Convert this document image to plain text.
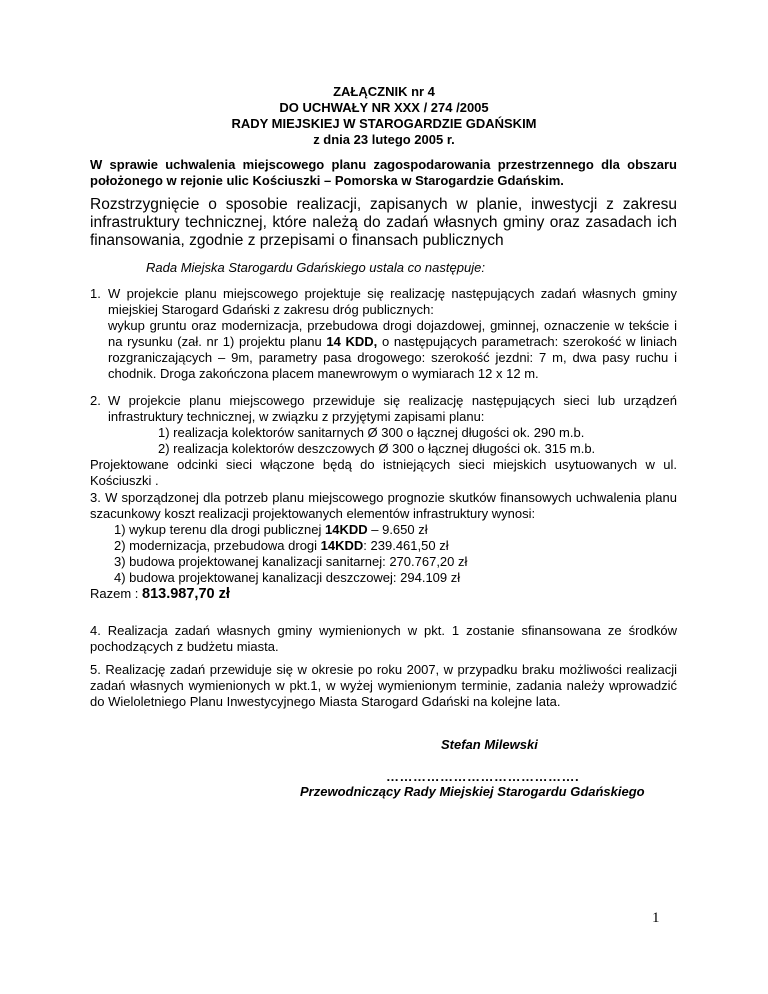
ZAŁĄCZNIK nr 4
DO UCHWAŁY NR XXX / 274 /2005
RADY MIEJSKIEJ W STAROGARDZIE GDAŃSKIM
z dnia 23 lutego 2005 r.
W sprawie uchwalenia miejscowego planu zagospodarowania przestrzennego dla obszaru położonego w rejonie ulic Kościuszki – Pomorska w Starogardzie Gdańskim.
Rozstrzygnięcie o sposobie realizacji, zapisanych w planie, inwestycji z zakresu infrastruktury technicznej, które należą do zadań własnych gminy oraz zasadach ich finansowania, zgodnie z przepisami o finansach publicznych
Rada Miejska Starogardu Gdańskiego ustala co następuje:
1. W projekcie planu miejscowego projektuje się realizację następujących zadań własnych gminy miejskiej Starogard Gdański z zakresu dróg publicznych:
wykup gruntu oraz modernizacja, przebudowa drogi dojazdowej, gminnej, oznaczenie w tekście i na rysunku (zał. nr 1) projektu planu 14 KDD, o następujących parametrach: szerokość w liniach rozgraniczających – 9m, parametry pasa drogowego: szerokość jezdni: 7 m, dwa pasy ruchu i chodnik. Droga zakończona placem manewrowym o wymiarach 12 x 12 m.
2. W projekcie planu miejscowego przewiduje się realizację następujących sieci lub urządzeń infrastruktury technicznej, w związku z przyjętymi zapisami planu:
1) realizacja kolektorów sanitarnych Ø 300 o łącznej długości ok. 290 m.b.
2) realizacja kolektorów deszczowych Ø 300 o łącznej długości ok. 315 m.b.
Projektowane odcinki sieci włączone będą do istniejących sieci miejskich usytuowanych w ul. Kościuszki .
3. W sporządzonej dla potrzeb planu miejscowego prognozie skutków finansowych uchwalenia planu szacunkowy koszt realizacji projektowanych elementów infrastruktury wynosi:
1) wykup terenu dla drogi publicznej 14KDD – 9.650 zł
2) modernizacja, przebudowa drogi 14KDD: 239.461,50 zł
3) budowa projektowanej kanalizacji sanitarnej: 270.767,20 zł
4) budowa projektowanej kanalizacji deszczowej: 294.109 zł
Razem : 813.987,70 zł
4. Realizacja zadań własnych gminy wymienionych w pkt. 1 zostanie sfinansowana ze środków pochodzących z budżetu miasta.
5. Realizację zadań przewiduje się w okresie po roku 2007, w przypadku braku możliwości realizacji zadań własnych wymienionych w pkt.1, w wyżej wymienionym terminie, zadania należy wprowadzić do Wieloletniego Planu Inwestycyjnego Miasta Starogard Gdański na kolejne lata.
Stefan Milewski
…………………………………….
Przewodniczący Rady Miejskiej Starogardu Gdańskiego
1
